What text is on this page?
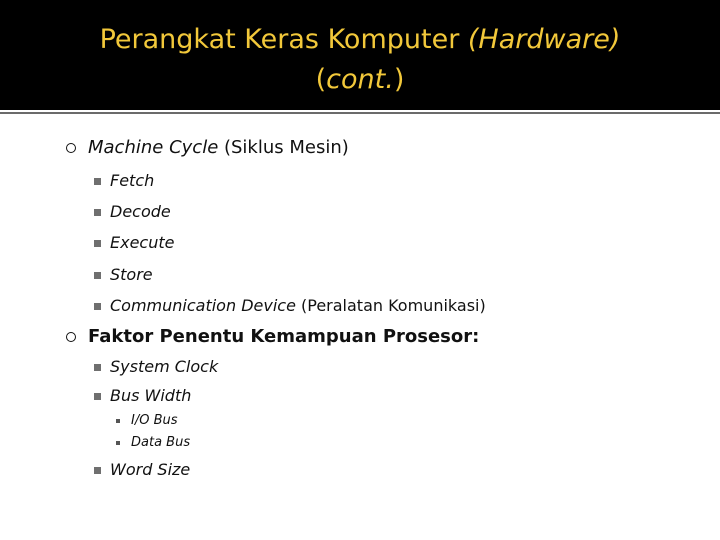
Perangkat Keras Komputer (Hardware)
(cont.)
Machine Cycle (Siklus Mesin)
Fetch
Decode
Execute
Store
Communication Device (Peralatan Komunikasi)
Faktor Penentu Kemampuan Prosesor:
System Clock
Bus Width
I/O Bus
Data Bus
Word Size
